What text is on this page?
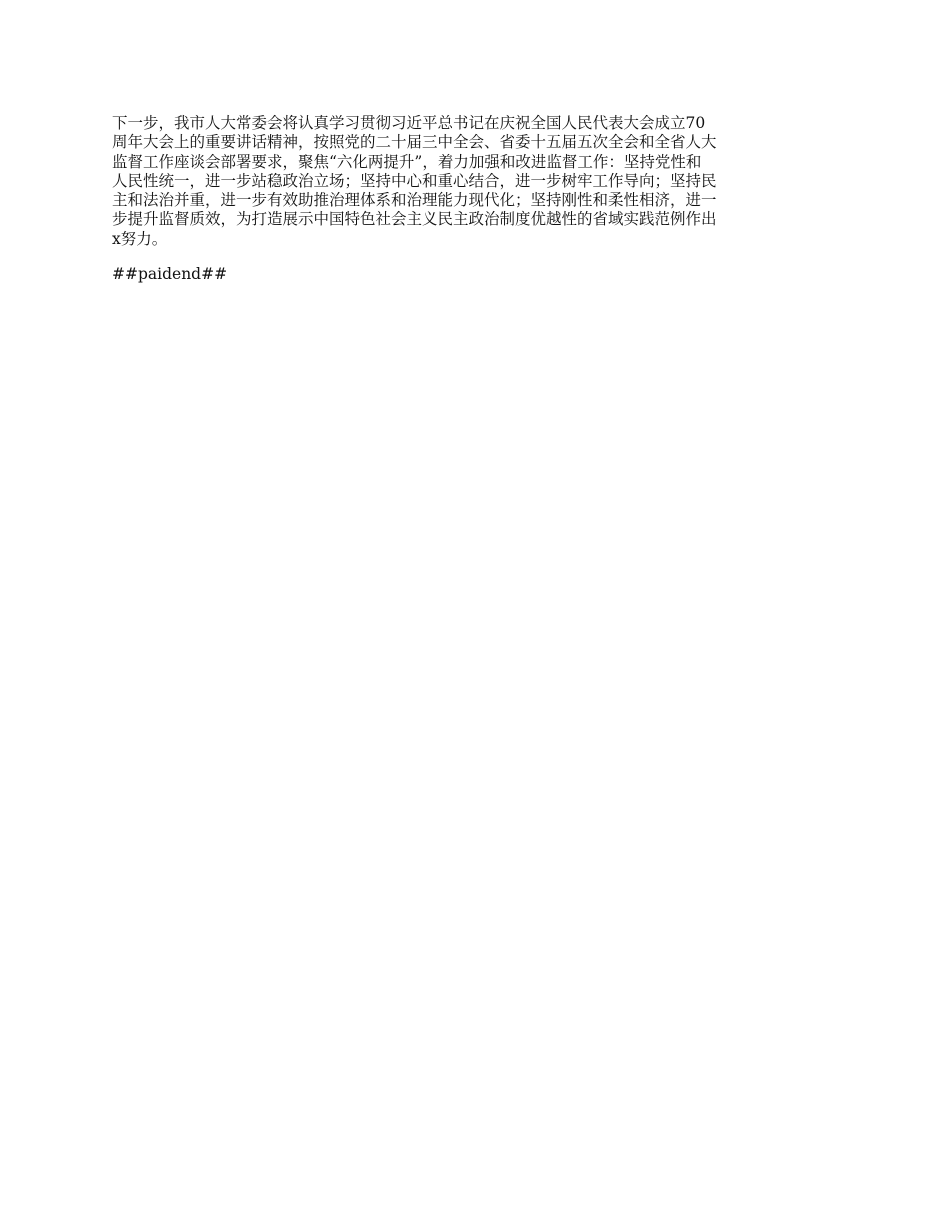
下一步，我市人大常委会将认真学习贯彻习近平总书记在庆祝全国人民代表大会成立70
周年大会上的重要讲话精神，按照党的二十届三中全会、省委十五届五次全会和全省人大
监督工作座谈会部署要求，聚焦“六化两提升”，着力加强和改进监督工作：坚持党性和
人民性统一，进一步站稳政治立场；坚持中心和重心结合，进一步树牢工作导向；坚持民
主和法治并重，进一步有效助推治理体系和治理能力现代化；坚持刚性和柔性相济，进一
步提升监督质效，为打造展示中国特色社会主义民主政治制度优越性的省域实践范例作出
x努力。

##paidend##
